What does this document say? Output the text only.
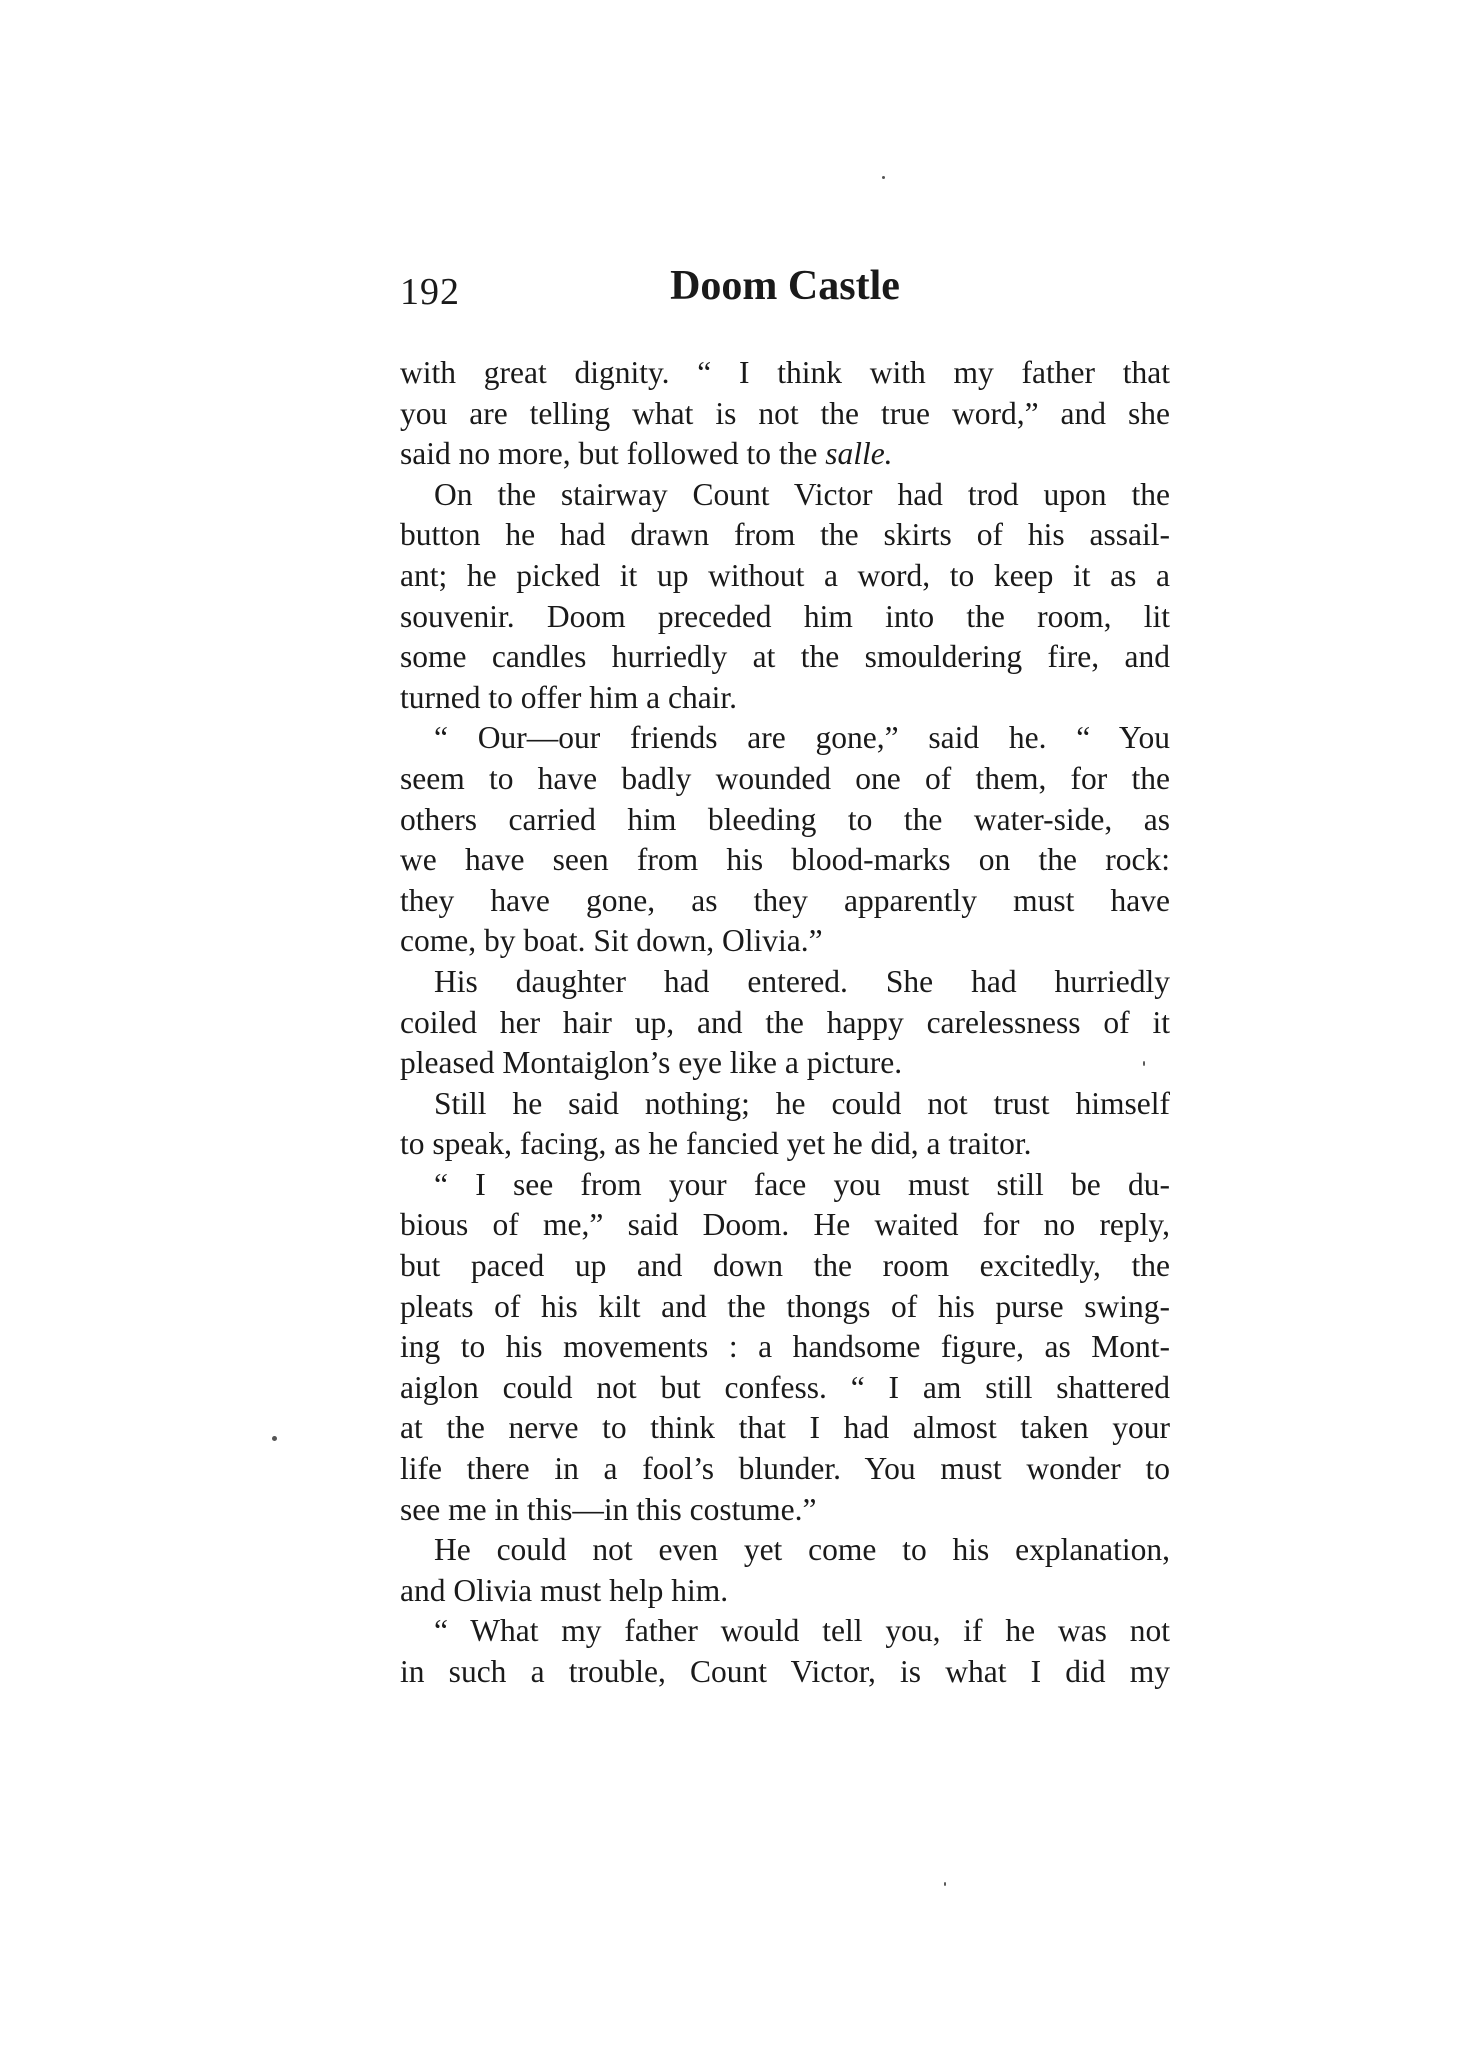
192	Doom Castle

with great dignity. “ I think with my father that

you are telling what is not the true word,” and she

said no more, but followed to the salle.

On the stairway Count Victor had trod upon the

button he had drawn from the skirts of his assail-

ant; he picked it up without a word, to keep it as a

souvenir. Doom preceded him into the room, lit

some candles hurriedly at the smouldering fire, and

turned to offer him a chair.

“ Our—our friends are gone,” said he. “ You

seem to have badly wounded one of them, for the

others carried him bleeding to the water-side, as

we have seen from his blood-marks on the rock:

they have gone, as they apparently must have

come, by boat. Sit down, Olivia.”

His daughter had entered. She had hurriedly

coiled her hair up, and the happy carelessness of it

pleased Montaiglon’s eye like a picture.

Still he said nothing; he could not trust himself

to speak, facing, as he fancied yet he did, a traitor.

“ I see from your face you must still be du-

bious of me,” said Doom. He waited for no reply,

but paced up and down the room excitedly, the

pleats of his kilt and the thongs of his purse swing-

ing to his movements : a handsome figure, as Mont-

aiglon could not but confess. “ I am still shattered

at the nerve to think that I had almost taken your

life there in a fool’s blunder. You must wonder to

see me in this—in this costume.”

He could not even yet come to his explanation,

and Olivia must help him.

“ What my father would tell you, if he was not

in such a trouble, Count Victor, is what I did my
